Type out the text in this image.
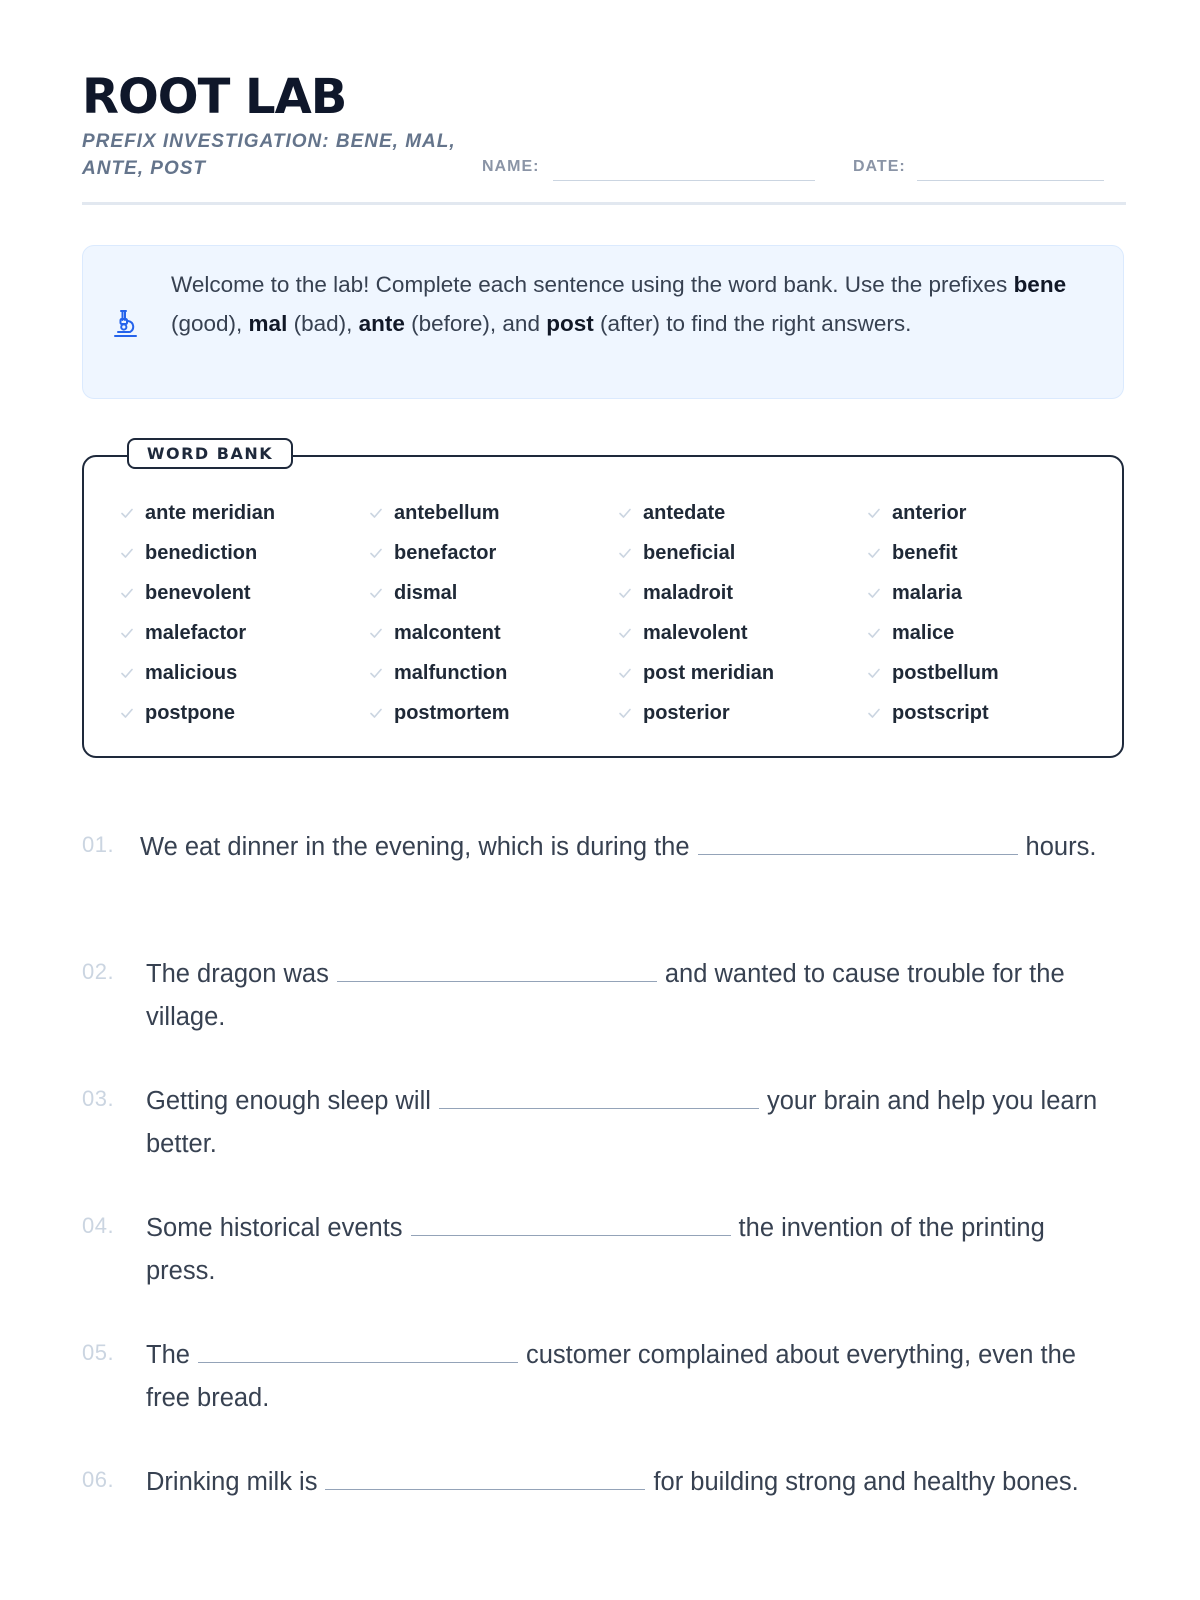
ROOT LAB
PREFIX INVESTIGATION: BENE, MAL, ANTE, POST	NAME:	DATE:
Welcome to the lab! Complete each sentence using the word bank. Use the prefixes bene (good), mal (bad), ante (before), and post (after) to find the right answers.
WORD BANK
ante meridian	antebellum	antedate	anterior
benediction	benefactor	beneficial	benefit
benevolent	dismal	maladroit	malaria
malefactor	malcontent	malevolent	malice
malicious	malfunction	post meridian	postbellum
postpone	postmortem	posterior	postscript
01. We eat dinner in the evening, which is during the	hours.
02. The dragon was	and wanted to cause trouble for the village.
03. Getting enough sleep will	your brain and help you learn better.
04. Some historical events	the invention of the printing press.
05. The	customer complained about everything, even the free bread.
06. Drinking milk is	for building strong and healthy bones.
